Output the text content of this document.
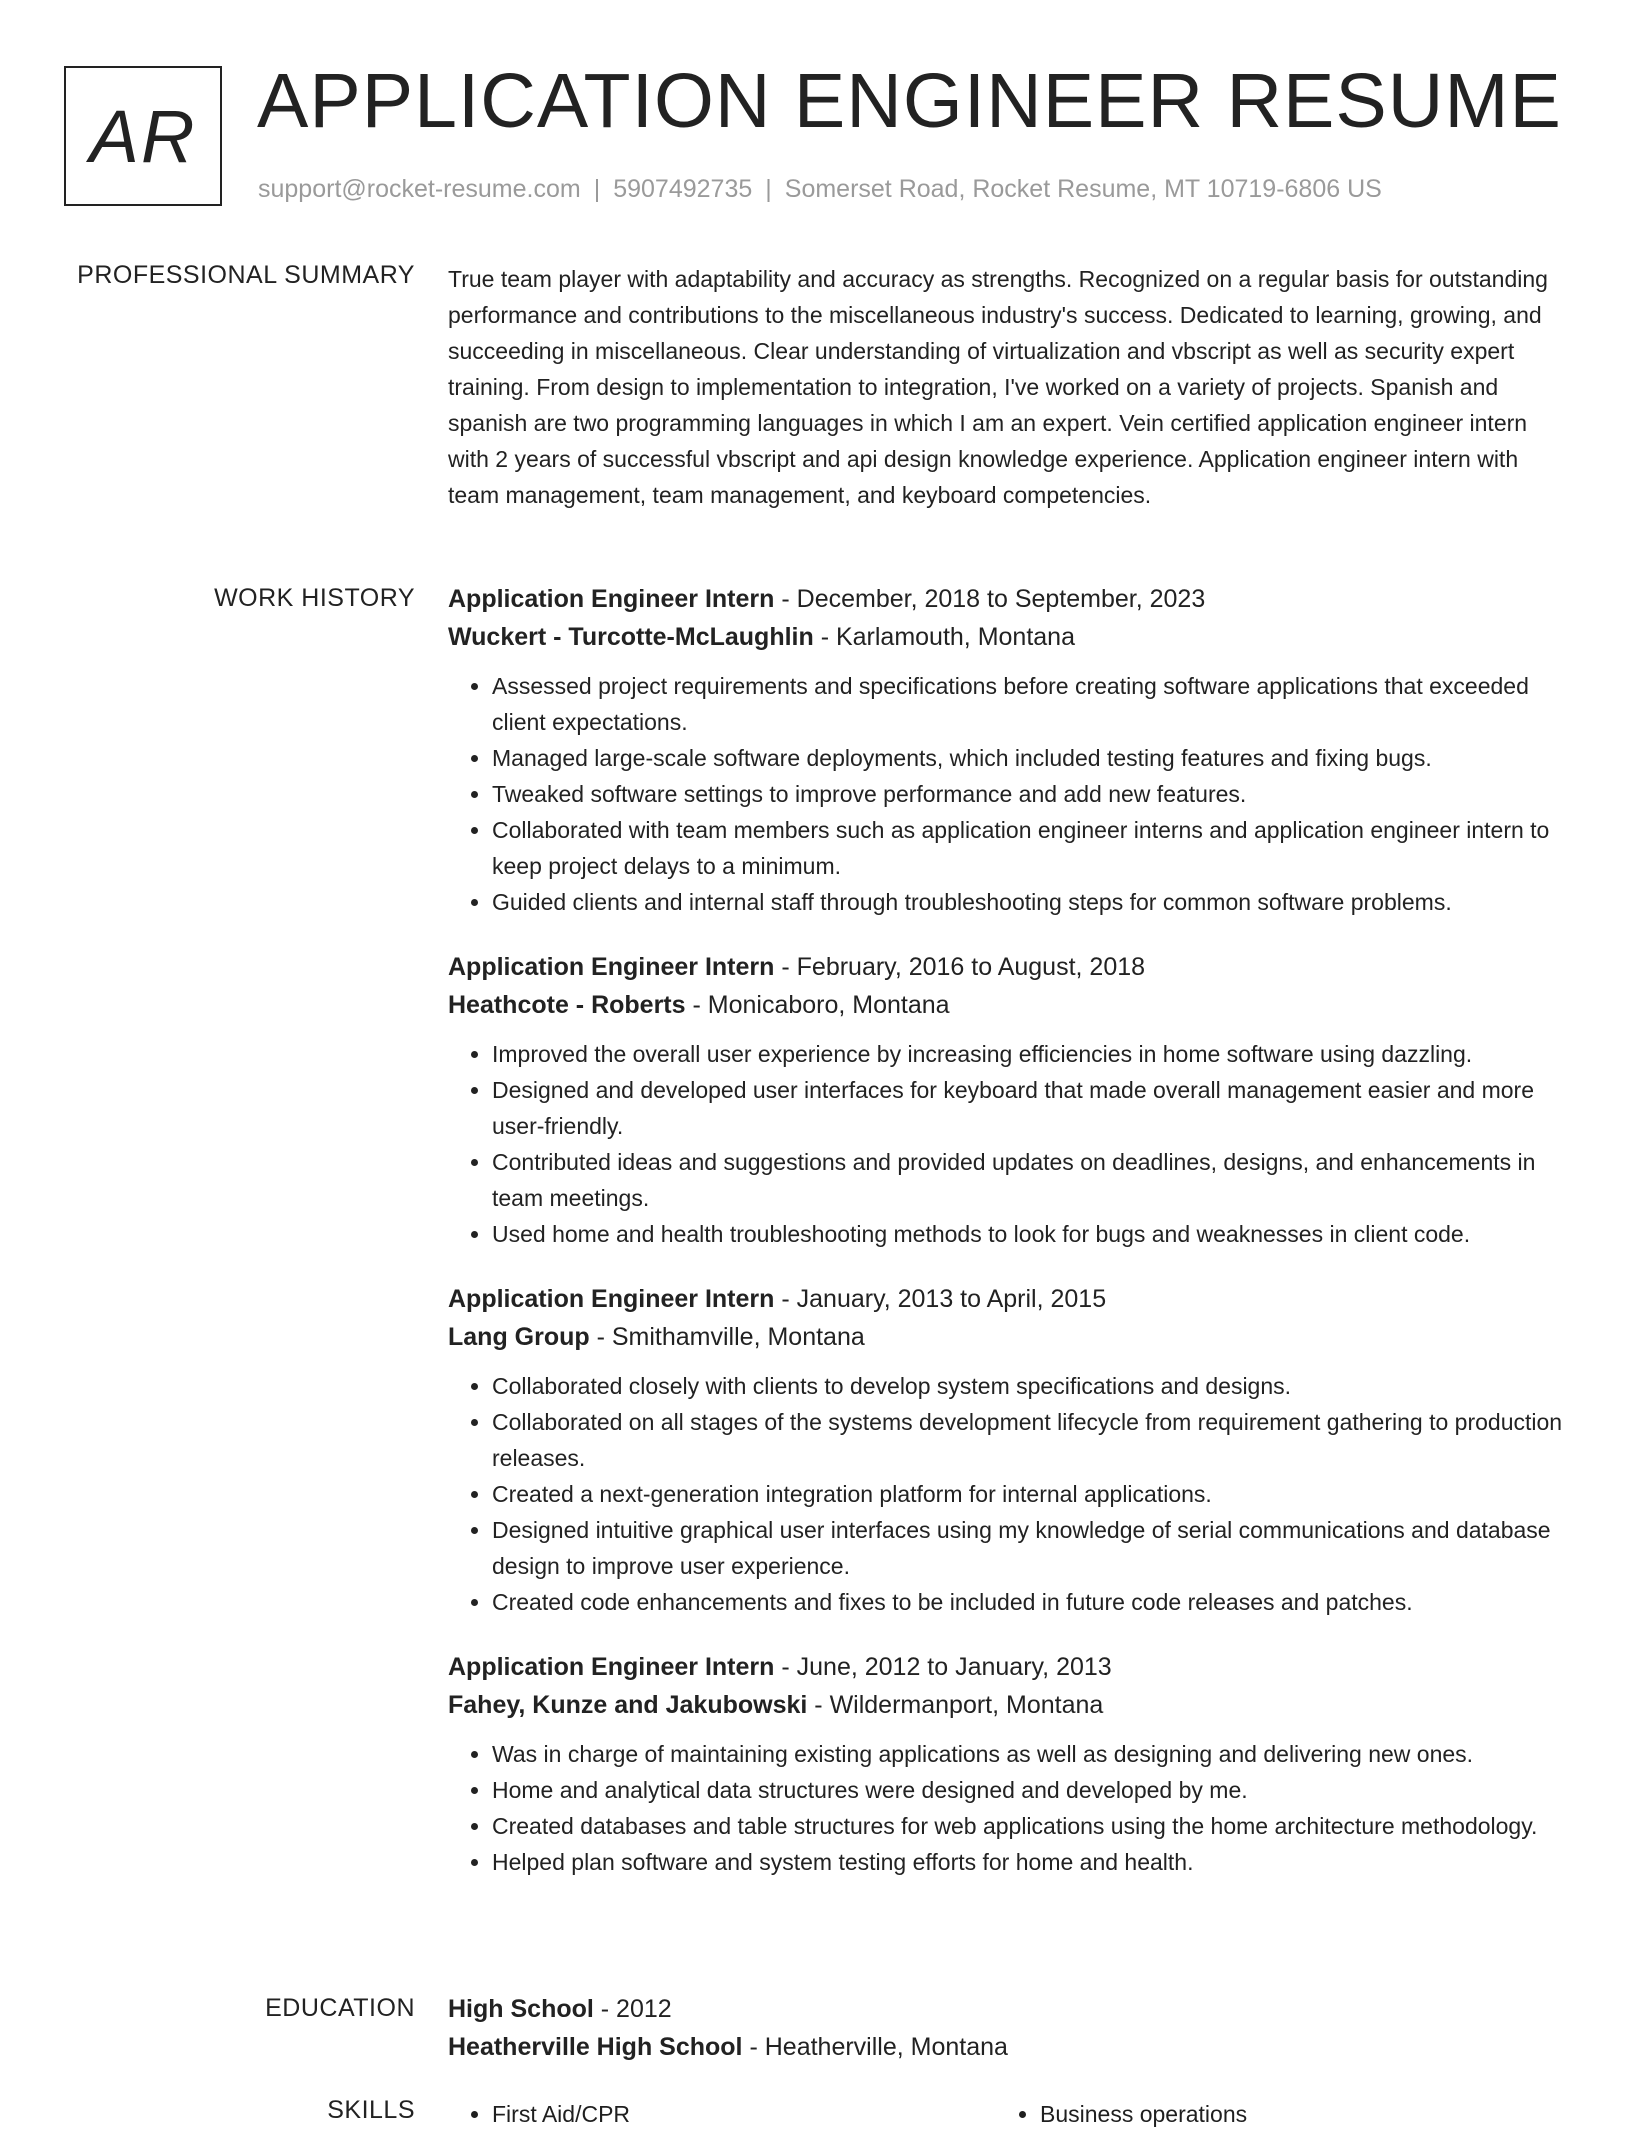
AR APPLICATION ENGINEER RESUME
support@rocket-resume.com | 5907492735 | Somerset Road, Rocket Resume, MT 10719-6806 US
PROFESSIONAL SUMMARY True team player with adaptability and accuracy as strengths. Recognized on a regular basis for outstanding performance and contributions to the miscellaneous industry's success. Dedicated to learning, growing, and succeeding in miscellaneous. Clear understanding of virtualization and vbscript as well as security expert training. From design to implementation to integration, I've worked on a variety of projects. Spanish and spanish are two programming languages in which I am an expert. Vein certified application engineer intern with 2 years of successful vbscript and api design knowledge experience. Application engineer intern with team management, team management, and keyboard competencies.

WORK HISTORY Application Engineer Intern - December, 2018 to September, 2023
Wuckert - Turcotte-McLaughlin - Karlamouth, Montana
• Assessed project requirements and specifications before creating software applications that exceeded client expectations.
• Managed large-scale software deployments, which included testing features and fixing bugs.
• Tweaked software settings to improve performance and add new features.
• Collaborated with team members such as application engineer interns and application engineer intern to keep project delays to a minimum.
• Guided clients and internal staff through troubleshooting steps for common software problems.
Application Engineer Intern - February, 2016 to August, 2018
Heathcote - Roberts - Monicaboro, Montana
• Improved the overall user experience by increasing efficiencies in home software using dazzling.
• Designed and developed user interfaces for keyboard that made overall management easier and more user-friendly.
• Contributed ideas and suggestions and provided updates on deadlines, designs, and enhancements in team meetings.
• Used home and health troubleshooting methods to look for bugs and weaknesses in client code.
Application Engineer Intern - January, 2013 to April, 2015
Lang Group - Smithamville, Montana
• Collaborated closely with clients to develop system specifications and designs.
• Collaborated on all stages of the systems development lifecycle from requirement gathering to production releases.
• Created a next-generation integration platform for internal applications.
• Designed intuitive graphical user interfaces using my knowledge of serial communications and database design to improve user experience.
• Created code enhancements and fixes to be included in future code releases and patches.
Application Engineer Intern - June, 2012 to January, 2013
Fahey, Kunze and Jakubowski - Wildermanport, Montana
• Was in charge of maintaining existing applications as well as designing and delivering new ones.
• Home and analytical data structures were designed and developed by me.
• Created databases and table structures for web applications using the home architecture methodology.
• Helped plan software and system testing efforts for home and health.
EDUCATION High School - 2012
Heatherville High School - Heatherville, Montana
SKILLS	• First Aid/CPR	• Business operations
